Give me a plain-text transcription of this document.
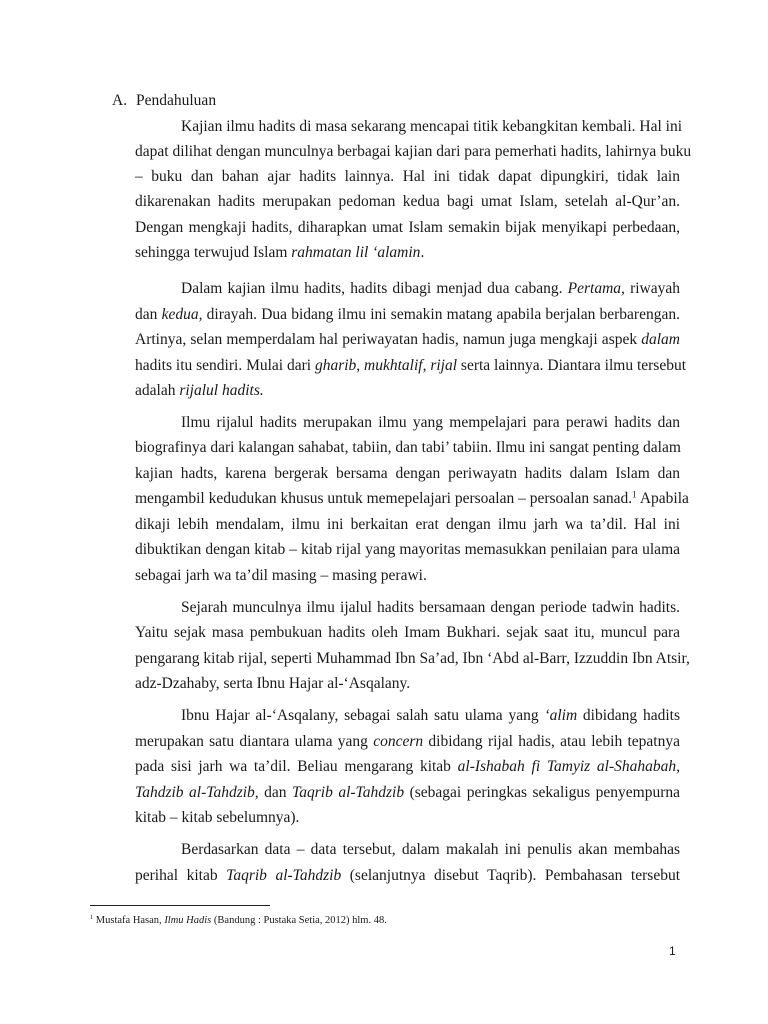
A. Pendahuluan
Kajian ilmu hadits di masa sekarang mencapai titik kebangkitan kembali. Hal ini
dapat dilihat dengan munculnya berbagai kajian dari para pemerhati hadits, lahirnya buku
– buku dan bahan ajar hadits lainnya. Hal ini tidak dapat dipungkiri, tidak lain
dikarenakan hadits merupakan pedoman kedua bagi umat Islam, setelah al-Qur’an.
Dengan mengkaji hadits, diharapkan umat Islam semakin bijak menyikapi perbedaan,
sehingga terwujud Islam rahmatan lil ‘alamin.
Dalam kajian ilmu hadits, hadits dibagi menjad dua cabang. Pertama, riwayah
dan kedua, dirayah. Dua bidang ilmu ini semakin matang apabila berjalan berbarengan.
Artinya, selan memperdalam hal periwayatan hadis, namun juga mengkaji aspek dalam
hadits itu sendiri. Mulai dari gharib, mukhtalif, rijal serta lainnya. Diantara ilmu tersebut
adalah rijalul hadits.
Ilmu rijalul hadits merupakan ilmu yang mempelajari para perawi hadits dan
biografinya dari kalangan sahabat, tabiin, dan tabi’ tabiin. Ilmu ini sangat penting dalam
kajian hadts, karena bergerak bersama dengan periwayatn hadits dalam Islam dan
mengambil kedudukan khusus untuk memepelajari persoalan – persoalan sanad.$^1$ Apabila
dikaji lebih mendalam, ilmu ini berkaitan erat dengan ilmu jarh wa ta’dil. Hal ini
dibuktikan dengan kitab – kitab rijal yang mayoritas memasukkan penilaian para ulama
sebagai jarh wa ta’dil masing – masing perawi.
Sejarah munculnya ilmu ijalul hadits bersamaan dengan periode tadwin hadits.
Yaitu sejak masa pembukuan hadits oleh Imam Bukhari. sejak saat itu, muncul para
pengarang kitab rijal, seperti Muhammad Ibn Sa’ad, Ibn ‘Abd al-Barr, Izzuddin Ibn Atsir,
adz-Dzahaby, serta Ibnu Hajar al-‘Asqalany.
Ibnu Hajar al-‘Asqalany, sebagai salah satu ulama yang ‘alim dibidang hadits
merupakan satu diantara ulama yang concern dibidang rijal hadis, atau lebih tepatnya
pada sisi jarh wa ta’dil. Beliau mengarang kitab al-Ishabah fi Tamyiz al-Shahabah,
Tahdzib al-Tahdzib, dan Taqrib al-Tahdzib (sebagai peringkas sekaligus penyempurna
kitab – kitab sebelumnya).
Berdasarkan data – data tersebut, dalam makalah ini penulis akan membahas
perihal kitab Taqrib al-Tahdzib (selanjutnya disebut Taqrib). Pembahasan tersebut
$^1$ Mustafa Hasan, Ilmu Hadis (Bandung : Pustaka Setia, 2012) hlm. 48.
1
